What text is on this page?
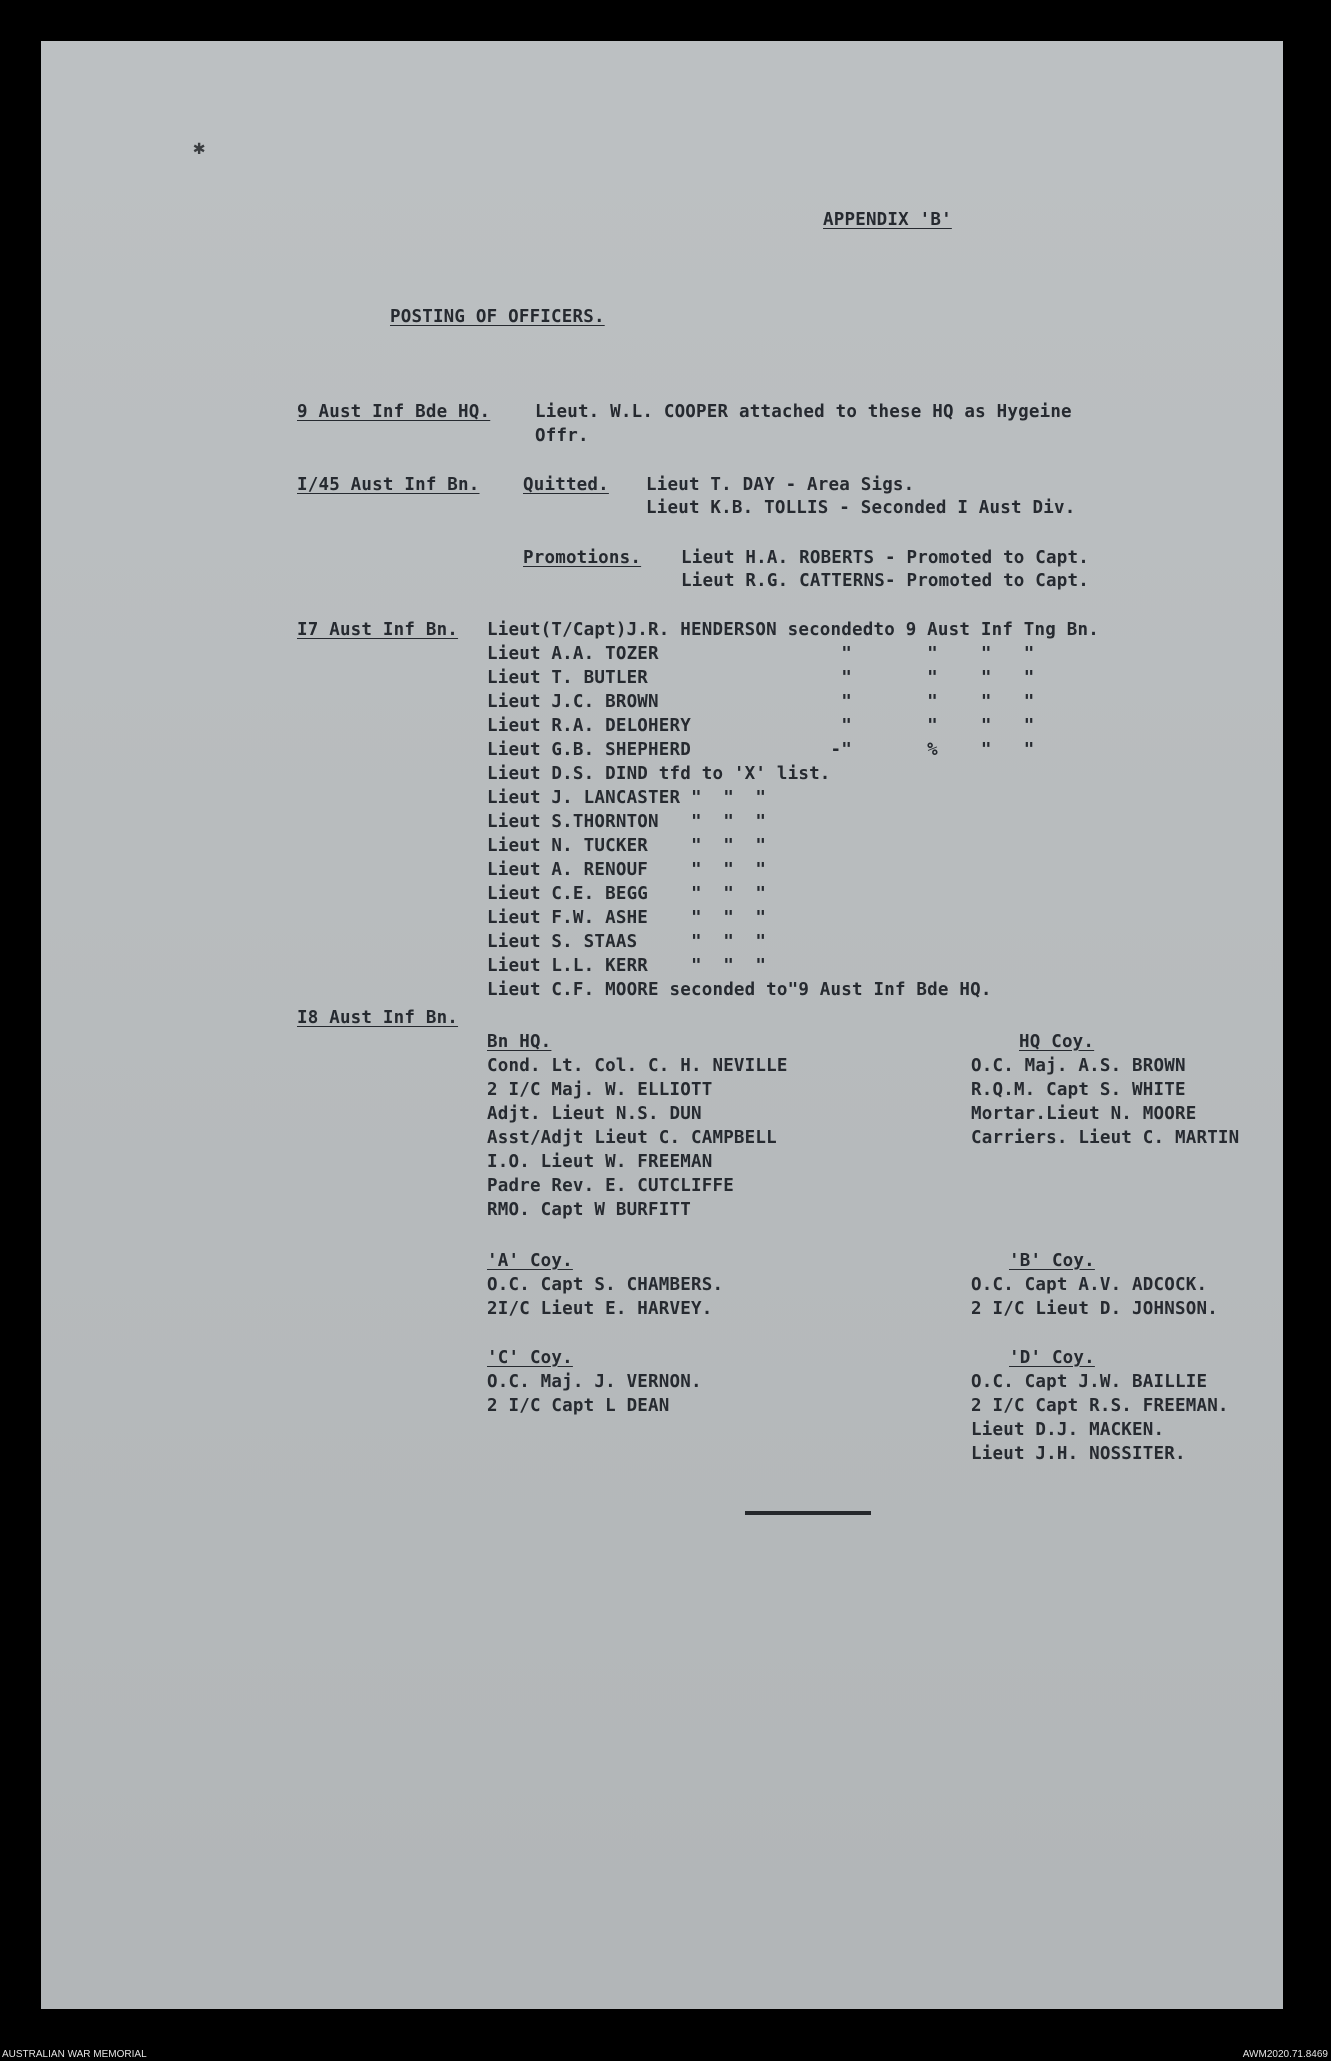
✱
APPENDIX 'B'
POSTING OF OFFICERS.
9 Aust Inf Bde HQ.	Lieut. W.L. COOPER attached to these HQ as Hygeine
Offr.
I/45 Aust Inf Bn. Quitted. Lieut T. DAY - Area Sigs.
Lieut K.B. TOLLIS - Seconded I Aust Div.
Promotions. Lieut H.A. ROBERTS - Promoted to Capt.
Lieut R.G. CATTERNS- Promoted to Capt.
I7 Aust Inf Bn. Lieut(T/Capt)J.R. HENDERSON secondedto 9 Aust Inf Tng Bn.
Lieut A.A. TOZER                 "       "    "   "
Lieut T. BUTLER                  "       "    "   "
Lieut J.C. BROWN                 "       "    "   "
Lieut R.A. DELOHERY              "       "    "   "
Lieut G.B. SHEPHERD             -"       %    "   "
Lieut D.S. DIND tfd to 'X' list.
Lieut J. LANCASTER "  "  "
Lieut S.THORNTON   "  "  "
Lieut N. TUCKER    "  "  "
Lieut A. RENOUF    "  "  "
Lieut C.E. BEGG    "  "  "
Lieut F.W. ASHE    "  "  "
Lieut S. STAAS     "  "  "
Lieut L.L. KERR    "  "  "
Lieut C.F. MOORE seconded to"9 Aust Inf Bde HQ.
I8 Aust Inf Bn.
Bn HQ.
Cond. Lt. Col. C. H. NEVILLE
2 I/C Maj. W. ELLIOTT
Adjt. Lieut N.S. DUN
Asst/Adjt Lieut C. CAMPBELL
I.O. Lieut W. FREEMAN
Padre Rev. E. CUTCLIFFE
RMO. Capt W BURFITT
HQ Coy.
O.C. Maj. A.S. BROWN
R.Q.M. Capt S. WHITE
Mortar.Lieut N. MOORE
Carriers. Lieut C. MARTIN
'A' Coy.
O.C. Capt S. CHAMBERS.
2I/C Lieut E. HARVEY.
'B' Coy.
O.C. Capt A.V. ADCOCK.
2 I/C Lieut D. JOHNSON.
'C' Coy.
O.C. Maj. J. VERNON.
2 I/C Capt L DEAN
'D' Coy.
O.C. Capt J.W. BAILLIE
2 I/C Capt R.S. FREEMAN.
Lieut D.J. MACKEN.
Lieut J.H. NOSSITER.
AUSTRALIAN WAR MEMORIAL	AWM2020.71.8469
